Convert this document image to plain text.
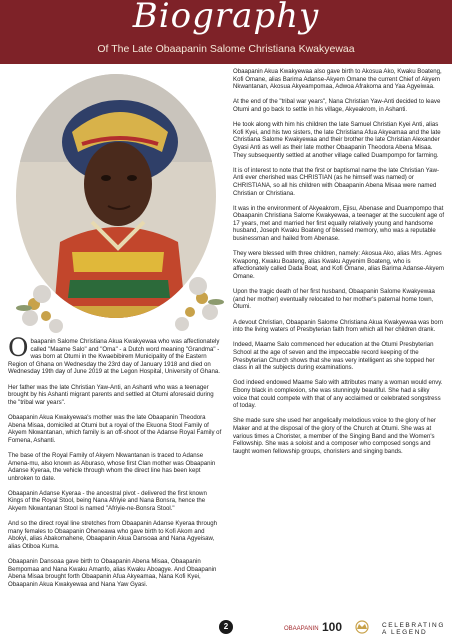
Biography
Of The Late Obaapanin Salome Christiana Kwakyewaa

Obaapanin Salome Christiana Akua Kwakyewaa who was affectionately called "Maame Salo" and "Oma" - a Dutch word meaning "Grandma" - was born at Otumi in the Kwaebibirem Municipality of the Eastern Region of Ghana on Wednesday the 23rd day of January 1918 and died on Wednesday 19th day of June 2019 at the Legon Hospital, University of Ghana.

Her father was the late Christian Yaw-Anti, an Ashanti who was a teenager brought by his Ashanti migrant parents and settled at Otumi aforesaid during the "tribal war years".

Obaapanin Akua Kwakyewaa's mother was the late Obaapanin Theodora Abena Misaa, domiciled at Otumi but a royal of the Ekuona Stool Family of Akyem Nkwantanan, which family is an off-shoot of the Adanse Royal Family of Fomena, Ashanti.

The base of the Royal Family of Akyem Nkwantanan is traced to Adanse Amena-mu, also known as Aburaso, whose first Clan mother was Obaapanin Adanse Kyeraa, the vehicle through whom the direct line has been kept unbroken to date.

Obaapanin Adanse Kyeraa - the ancestral pivot - delivered the first known Kings of the Royal Stool, being Nana Afriyie and Nana Bonsra, hence the Akyem Nkwantanan Stool is named "Afriyie-ne-Bonsra Stool."

And so the direct royal line stretches from Obaapanin Adanse Kyeraa through many females to Obaapanin Oheneawa who gave birth to Kofi Akom and Abokyi, alias Abakomahene, Obaapanin Akua Dansoaa and Nana Agyeisaw, alias Otiboa Kuma.

Obaapanin Dansoaa gave birth to Obaapanin Abena Misaa, Obaapanin Bempomaa and Nana Kwaku Amanfo, alias Kwaku Aboagye. And Obaapanin Abena Misaa brought forth Obaapanin Afua Akyeamaa, Nana Kofi Kyei, Obaapanin Akua Kwakyewaa and Nana Yaw Gyasi.

Obaapanin Akua Kwakyewaa also gave birth to Akosua Ako, Kwaku Boateng, Kofi Omane, alias Barima Adanse-Akyem Omane the current Chief of Akyem Nkwantanan, Akosua Akyeampomaa, Adwoa Afrakoma and Yaa Agyeiwaa.

At the end of the "tribal war years", Nana Christian Yaw-Anti decided to leave Otumi and go back to settle in his village, Akyeakrom, in Ashanti.

He took along with him his children the late Samuel Christian Kyei Anti, alias Kofi Kyei, and his two sisters, the late Christiana Afua Akyeamaa and the late Christiana Salome Kwakyewaa and their brother the late Christian Alexander Gyasi Anti as well as their late mother Obaapanin Theodora Abena Misaa. They subsequently settled at another village called Duampompo for farming.

It is of interest to note that the first or baptismal name the late Christian Yaw-Anti ever cherished was CHRISTIAN (as he himself was named) or CHRISTIANA, so all his children with Obaapanin Abena Misaa were named Christian or Christiana.

It was in the environment of Akyeakrom, Ejisu, Abenase and Duampompo that Obaapanin Christiana Salome Kwakyewaa, a teenager at the succulent age of 17 years, met and married her first equally relatively young and handsome husband, Joseph Kwaku Boateng of blessed memory, who was a reputable businessman and hailed from Abenase.

They were blessed with three children, namely: Akosua Ako, alias Mrs. Agnes Kwapong, Kwaku Boateng, alias Kwaku Agyenim Boateng, who is affectionately called Dada Boat, and Kofi Omane, alias Barima Adanse-Akyem Omane.

Upon the tragic death of her first husband, Obaapanin Salome Kwakyewaa (and her mother) eventually relocated to her mother's paternal home town, Otumi.

A devout Christian, Obaapanin Salome Christiana Akua Kwakyewaa was born into the living waters of Presbyterian faith from which all her children drank.

Indeed, Maame Salo commenced her education at the Otumi Presbyterian School at the age of seven and the impeccable record keeping of the Presbyterian Church shows that she was very intelligent as she topped her class in all the subjects during examinations.

God indeed endowed Maame Salo with attributes many a woman would envy. Ebony black in complexion, she was stunningly beautiful. She had a silky voice that could compete with that of any acclaimed or celebrated songstress of today.

She made sure she used her angelically melodious voice to the glory of her Maker and at the disposal of the glory of the Church at Otumi. She was at various times a Chorister, a member of the Singing Band and the Women's Fellowship. She was a soloist and a composer who composed songs and taught women fellowship groups, choristers and singing bands.

2	OBAAPANIN 100	CELEBRATING A LEGEND
